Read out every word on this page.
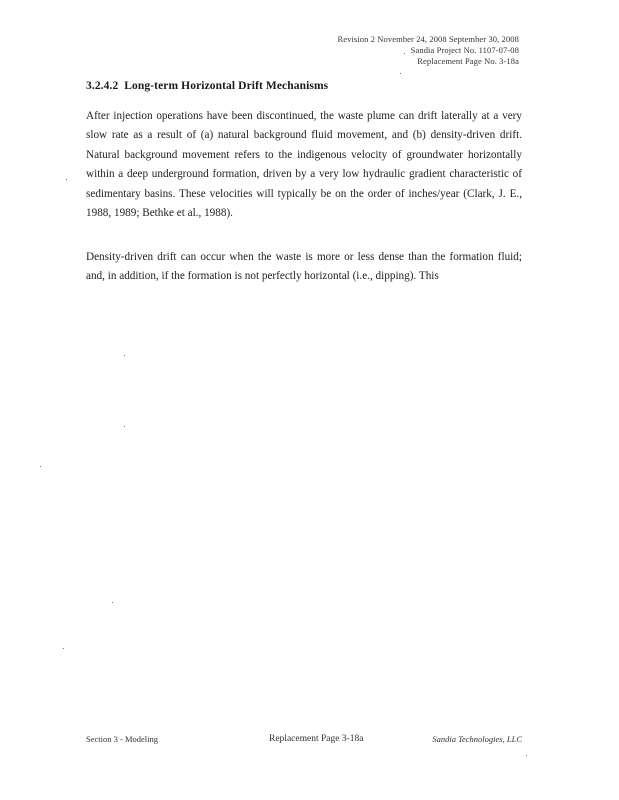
Revision 2 November 24, 2008 September 30, 2008
Sandia Project No. 1107-07-08
Replacement Page No. 3-18a
3.2.4.2 Long-term Horizontal Drift Mechanisms

After injection operations have been discontinued, the waste plume can drift laterally at a very slow rate as a result of (a) natural background fluid movement, and (b) density-driven drift. Natural background movement refers to the indigenous velocity of groundwater horizontally within a deep underground formation, driven by a very low hydraulic gradient characteristic of sedimentary basins. These velocities will typically be on the order of inches/year (Clark, J. E., 1988, 1989; Bethke et al., 1988).

Density-driven drift can occur when the waste is more or less dense than the formation fluid; and, in addition, if the formation is not perfectly horizontal (i.e., dipping). This

Section 3 - Modeling	Replacement Page 3-18a	Sandia Technologies, LLC
